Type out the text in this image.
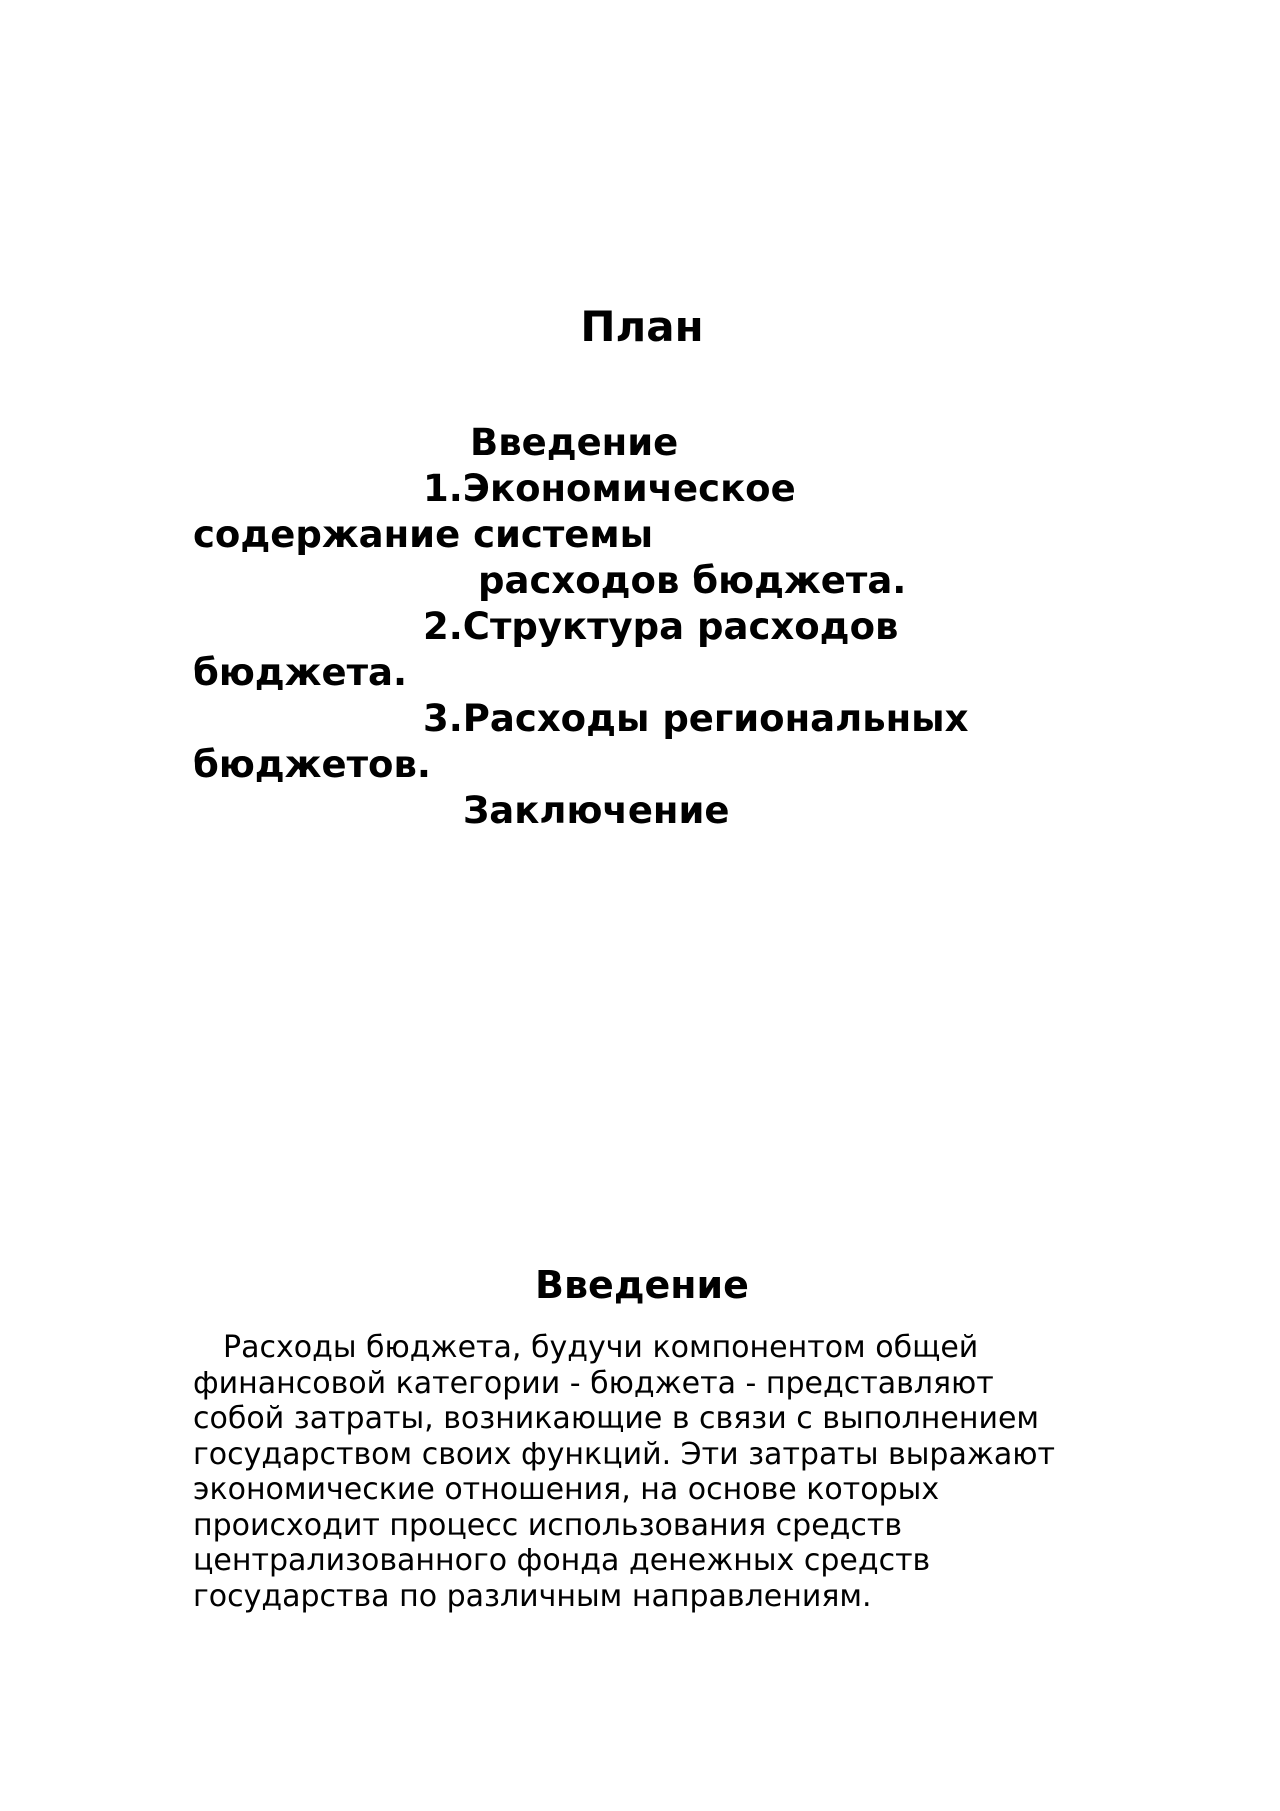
План
Введение
1.Экономическое
содержание системы
расходов бюджета.
2.Структура расходов
бюджета.
3.Расходы региональных
бюджетов.
Заключение
Введение
Расходы бюджета, будучи компонентом общей
финансовой категории - бюджета - представляют
собой затраты, возникающие в связи с выполнением
государством своих функций. Эти затраты выражают
экономические отношения, на основе которых
происходит процесс использования средств
централизованного фонда денежных средств
государства по различным направлениям.
